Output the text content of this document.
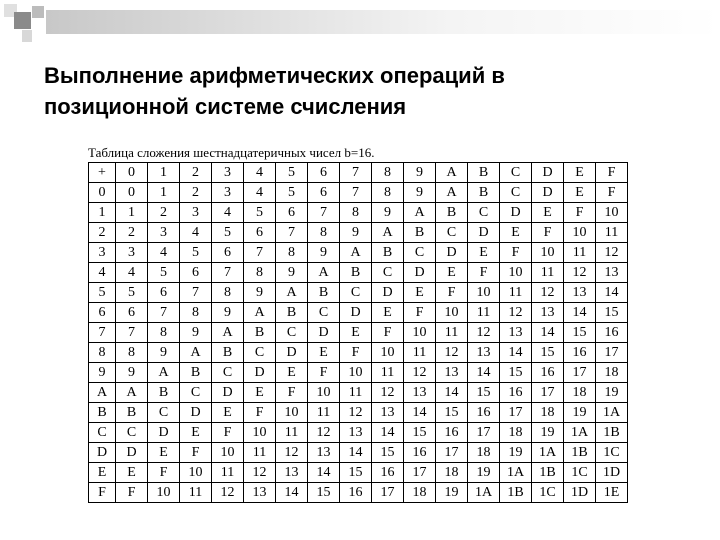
Выполнение арифметических операций в
позиционной системе счисления
Таблица сложения шестнадцатеричных чисел b=16.
+	0	1	2	3	4	5	6	7	8	9	A	B	C	D	E	F
0	0	1	2	3	4	5	6	7	8	9	A	B	C	D	E	F
1	1	2	3	4	5	6	7	8	9	A	B	C	D	E	F	10
2	2	3	4	5	6	7	8	9	A	B	C	D	E	F	10	11
3	3	4	5	6	7	8	9	A	B	C	D	E	F	10	11	12
4	4	5	6	7	8	9	A	B	C	D	E	F	10	11	12	13
5	5	6	7	8	9	A	B	C	D	E	F	10	11	12	13	14
6	6	7	8	9	A	B	C	D	E	F	10	11	12	13	14	15
7	7	8	9	A	B	C	D	E	F	10	11	12	13	14	15	16
8	8	9	A	B	C	D	E	F	10	11	12	13	14	15	16	17
9	9	A	B	C	D	E	F	10	11	12	13	14	15	16	17	18
A	A	B	C	D	E	F	10	11	12	13	14	15	16	17	18	19
B	B	C	D	E	F	10	11	12	13	14	15	16	17	18	19	1A
C	C	D	E	F	10	11	12	13	14	15	16	17	18	19	1A	1B
D	D	E	F	10	11	12	13	14	15	16	17	18	19	1A	1B	1C
E	E	F	10	11	12	13	14	15	16	17	18	19	1A	1B	1C	1D
F	F	10	11	12	13	14	15	16	17	18	19	1A	1B	1C	1D	1E
